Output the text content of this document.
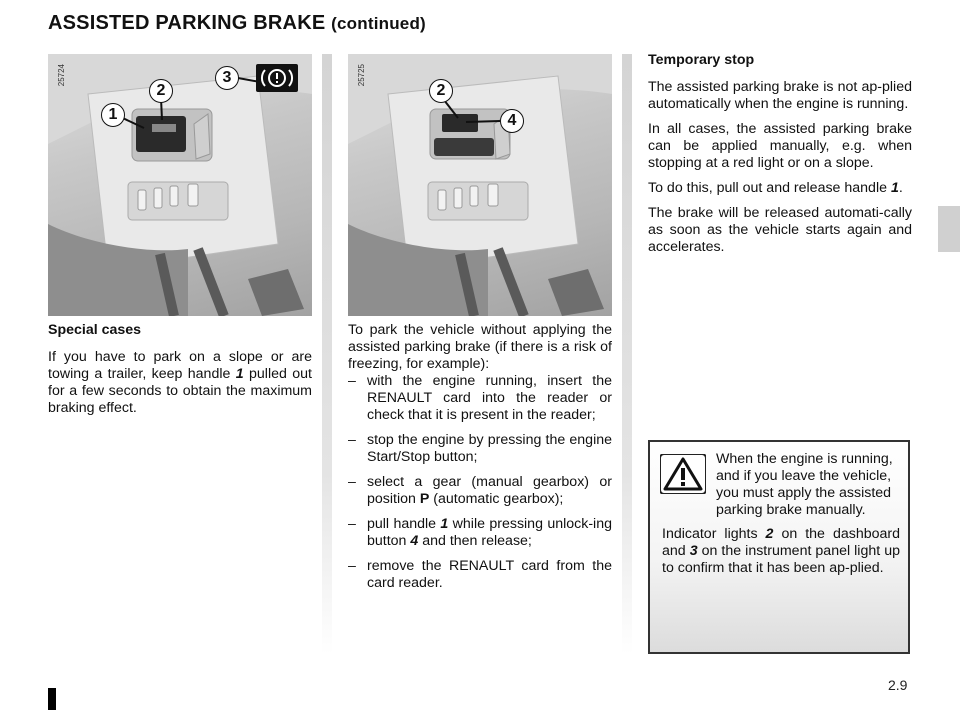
ASSISTED PARKING BRAKE (continued)
25724
1
2
3	25725
2
4

Special cases

If you have to park on a slope or are towing a trailer, keep handle 1 pulled out for a few seconds to obtain the maximum braking effect.

To park the vehicle without applying the assisted parking brake (if there is a risk of freezing, for example):

– with the engine running, insert the RENAULT card into the reader or check that it is present in the reader;
– stop the engine by pressing the engine Start/Stop button;
– select a gear (manual gearbox) or position P (automatic gearbox);
– pull handle 1 while pressing unlock-ing button 4 and then release;
– remove the RENAULT card from the card reader.

Temporary stop

The assisted parking brake is not ap-plied automatically when the engine is running.

In all cases, the assisted parking brake can be applied manually, e.g. when stopping at a red light or on a slope.

To do this, pull out and release handle 1.

The brake will be released automati-cally as soon as the vehicle starts again and accelerates.

When the engine is running, and if you leave the vehicle, you must apply the assisted parking brake manually.
Indicator lights 2 on the dashboard and 3 on the instrument panel light up to confirm that it has been ap-plied.
2.9
